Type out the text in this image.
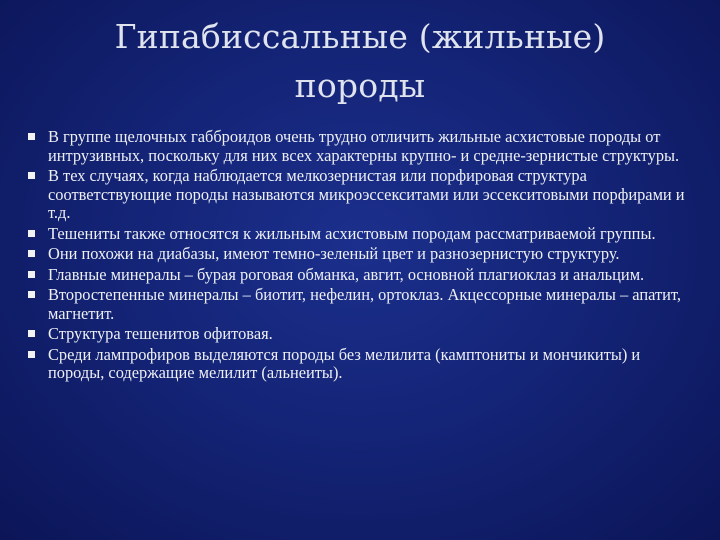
Гипабиссальные (жильные)
породы
В группе щелочных габброидов очень трудно отличить жильные асхистовые породы от интрузивных, поскольку для них всех характерны крупно- и средне-зернистые структуры.
В тех случаях, когда наблюдается мелкозернистая или порфировая структура соответствующие породы называются микроэссекситами или эссекситовыми порфирами и т.д.
Тешениты также относятся к жильным асхистовым породам рассматриваемой группы.
Они похожи на диабазы, имеют темно-зеленый цвет и разнозернистую структуру.
Главные минералы – бурая роговая обманка, авгит, основной плагиоклаз и анальцим.
Второстепенные минералы – биотит, нефелин, ортоклаз. Акцессорные минералы – апатит, магнетит.
Структура тешенитов офитовая.
Среди лампрофиров выделяются породы без мелилита (камптониты и мончикиты) и породы, содержащие мелилит (альнеиты).
